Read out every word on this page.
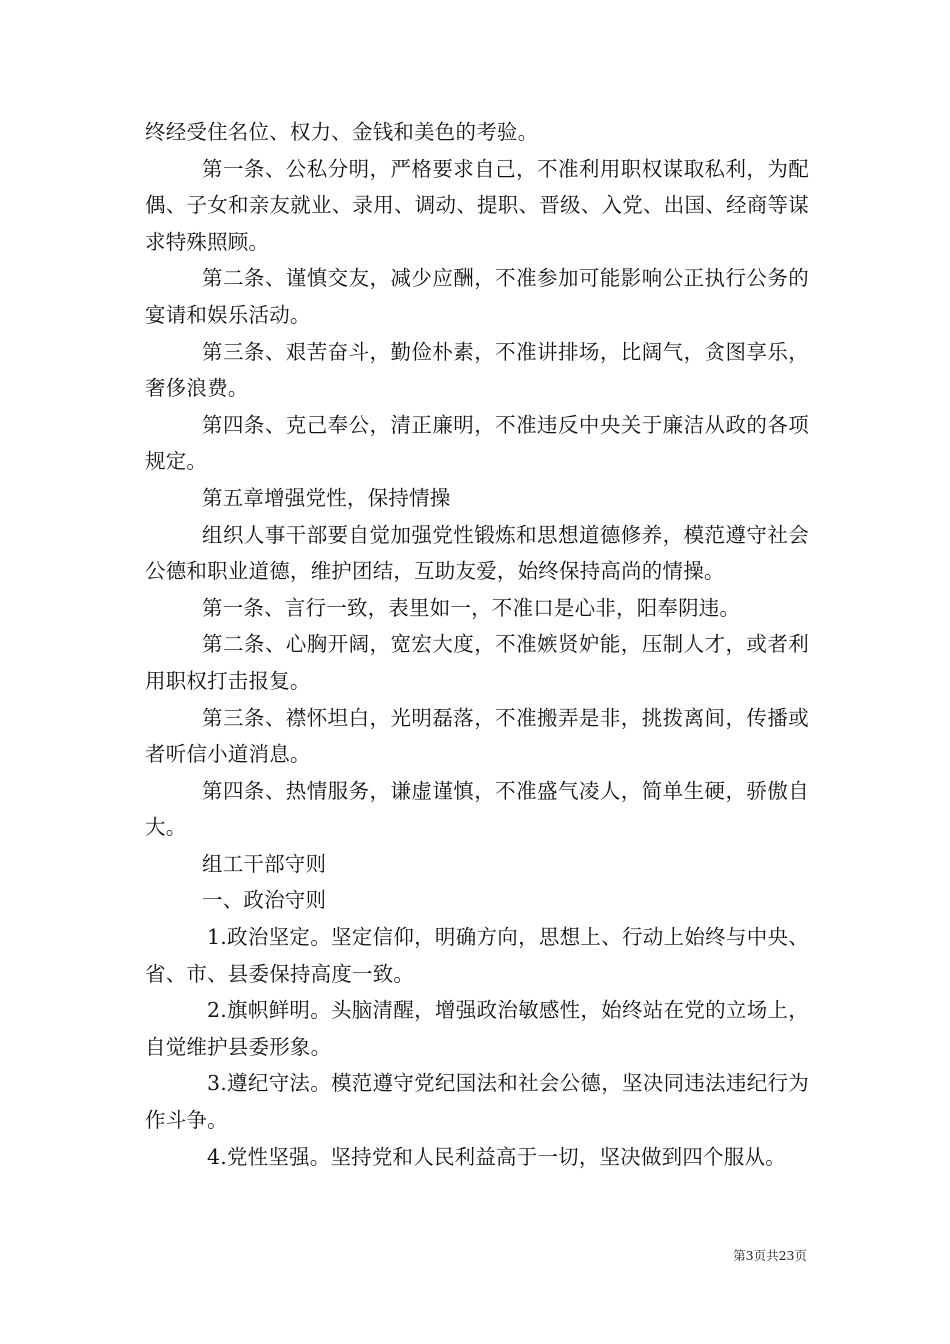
终经受住名位、权力、金钱和美色的考验。

第一条、公私分明，严格要求自己，不准利用职权谋取私利，为配偶、子女和亲友就业、录用、调动、提职、晋级、入党、出国、经商等谋求特殊照顾。

第二条、谨慎交友，减少应酬，不准参加可能影响公正执行公务的宴请和娱乐活动。

第三条、艰苦奋斗，勤俭朴素，不准讲排场，比阔气，贪图享乐，奢侈浪费。

第四条、克己奉公，清正廉明，不准违反中央关于廉洁从政的各项规定。

第五章增强党性，保持情操

组织人事干部要自觉加强党性锻炼和思想道德修养，模范遵守社会公德和职业道德，维护团结，互助友爱，始终保持高尚的情操。

第一条、言行一致，表里如一，不准口是心非，阳奉阴违。

第二条、心胸开阔，宽宏大度，不准嫉贤妒能，压制人才，或者利用职权打击报复。

第三条、襟怀坦白，光明磊落，不准搬弄是非，挑拨离间，传播或者听信小道消息。

第四条、热情服务，谦虚谨慎，不准盛气凌人，简单生硬，骄傲自大。

组工干部守则

一、政治守则

1.政治坚定。坚定信仰，明确方向，思想上、行动上始终与中央、省、市、县委保持高度一致。

2.旗帜鲜明。头脑清醒，增强政治敏感性，始终站在党的立场上，自觉维护县委形象。

3.遵纪守法。模范遵守党纪国法和社会公德，坚决同违法违纪行为作斗争。

4.党性坚强。坚持党和人民利益高于一切，坚决做到四个服从。

第3页共23页
